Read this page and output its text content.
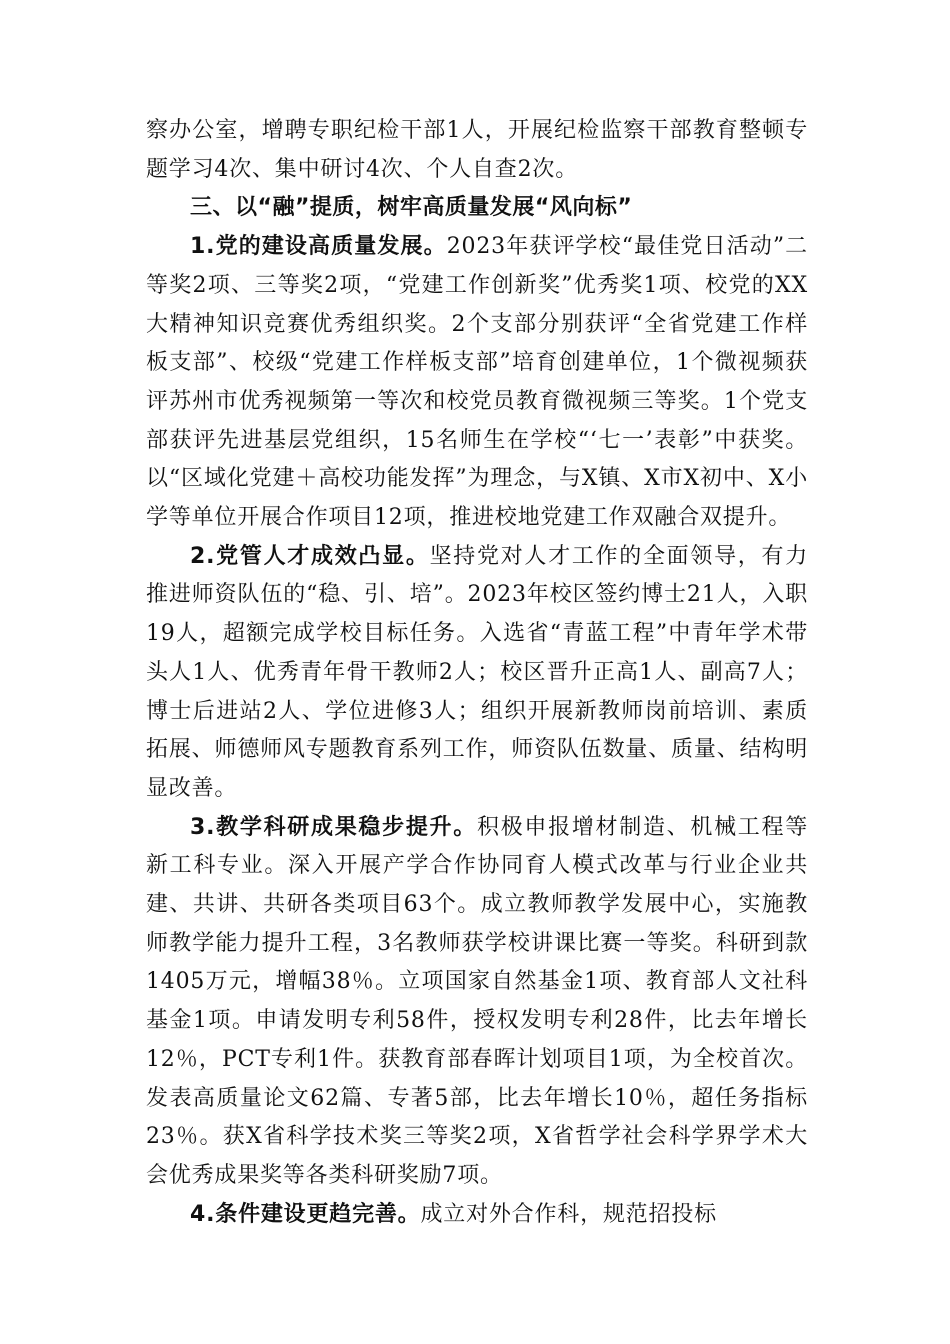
察办公室，增聘专职纪检干部1人，开展纪检监察干部教育整顿专题学习4次、集中研讨4次、个人自查2次。

三、以“融”提质，树牢高质量发展“风向标”

1.党的建设高质量发展。2023年获评学校“最佳党日活动”二等奖2项、三等奖2项，“党建工作创新奖”优秀奖1项、校党的XX大精神知识竞赛优秀组织奖。2个支部分别获评“全省党建工作样板支部”、校级“党建工作样板支部”培育创建单位，1个微视频获评苏州市优秀视频第一等次和校党员教育微视频三等奖。1个党支部获评先进基层党组织，15名师生在学校“‘七一’表彰”中获奖。以“区域化党建＋高校功能发挥”为理念，与X镇、X市X初中、X小学等单位开展合作项目12项，推进校地党建工作双融合双提升。

2.党管人才成效凸显。坚持党对人才工作的全面领导，有力推进师资队伍的“稳、引、培”。2023年校区签约博士21人，入职19人，超额完成学校目标任务。入选省“青蓝工程”中青年学术带头人1人、优秀青年骨干教师2人；校区晋升正高1人、副高7人；博士后进站2人、学位进修3人；组织开展新教师岗前培训、素质拓展、师德师风专题教育系列工作，师资队伍数量、质量、结构明显改善。

3.教学科研成果稳步提升。积极申报增材制造、机械工程等新工科专业。深入开展产学合作协同育人模式改革与行业企业共建、共讲、共研各类项目63个。成立教师教学发展中心，实施教师教学能力提升工程，3名教师获学校讲课比赛一等奖。科研到款1405万元，增幅38％。立项国家自然基金1项、教育部人文社科基金1项。申请发明专利58件，授权发明专利28件，比去年增长12％，PCT专利1件。获教育部春晖计划项目1项，为全校首次。发表高质量论文62篇、专著5部，比去年增长10％，超任务指标23％。获X省科学技术奖三等奖2项，X省哲学社会科学界学术大会优秀成果奖等各类科研奖励7项。

4.条件建设更趋完善。成立对外合作科，规范招投标
